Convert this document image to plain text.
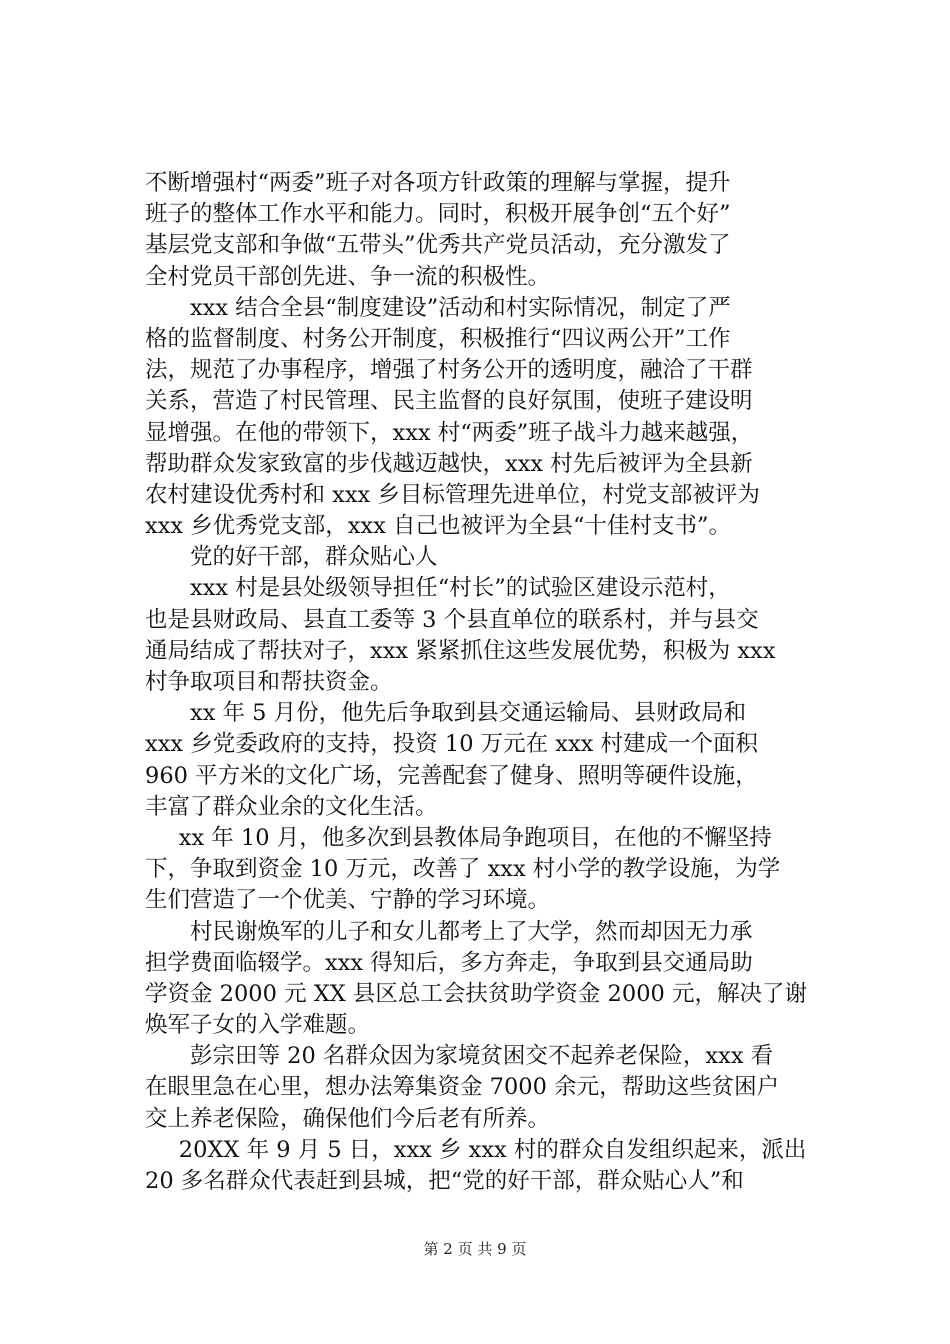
不断增强村“两委”班子对各项方针政策的理解与掌握，提升
班子的整体工作水平和能力。同时，积极开展争创“五个好”
基层党支部和争做“五带头”优秀共产党员活动，充分激发了
全村党员干部创先进、争一流的积极性。
xxx 结合全县“制度建设”活动和村实际情况，制定了严
格的监督制度、村务公开制度，积极推行“四议两公开”工作
法，规范了办事程序，增强了村务公开的透明度，融洽了干群
关系，营造了村民管理、民主监督的良好氛围，使班子建设明
显增强。在他的带领下，xxx 村“两委”班子战斗力越来越强，
帮助群众发家致富的步伐越迈越快，xxx 村先后被评为全县新
农村建设优秀村和 xxx 乡目标管理先进单位，村党支部被评为
xxx 乡优秀党支部，xxx 自己也被评为全县“十佳村支书”。
党的好干部，群众贴心人
xxx 村是县处级领导担任“村长”的试验区建设示范村，
也是县财政局、县直工委等 3 个县直单位的联系村，并与县交
通局结成了帮扶对子，xxx 紧紧抓住这些发展优势，积极为 xxx
村争取项目和帮扶资金。
xx 年 5 月份，他先后争取到县交通运输局、县财政局和
xxx 乡党委政府的支持，投资 10 万元在 xxx 村建成一个面积
960 平方米的文化广场，完善配套了健身、照明等硬件设施，
丰富了群众业余的文化生活。
xx 年 10 月，他多次到县教体局争跑项目，在他的不懈坚持
下，争取到资金 10 万元，改善了 xxx 村小学的教学设施，为学
生们营造了一个优美、宁静的学习环境。
村民谢焕军的儿子和女儿都考上了大学，然而却因无力承
担学费面临辍学。xxx 得知后，多方奔走，争取到县交通局助
学资金 2000 元 XX 县区总工会扶贫助学资金 2000 元，解决了谢
焕军子女的入学难题。
彭宗田等 20 名群众因为家境贫困交不起养老保险，xxx 看
在眼里急在心里，想办法筹集资金 7000 余元，帮助这些贫困户
交上养老保险，确保他们今后老有所养。
20XX 年 9 月 5 日，xxx 乡 xxx 村的群众自发组织起来，派出
20 多名群众代表赶到县城，把“党的好干部，群众贴心人”和
第 2 页 共 9 页
